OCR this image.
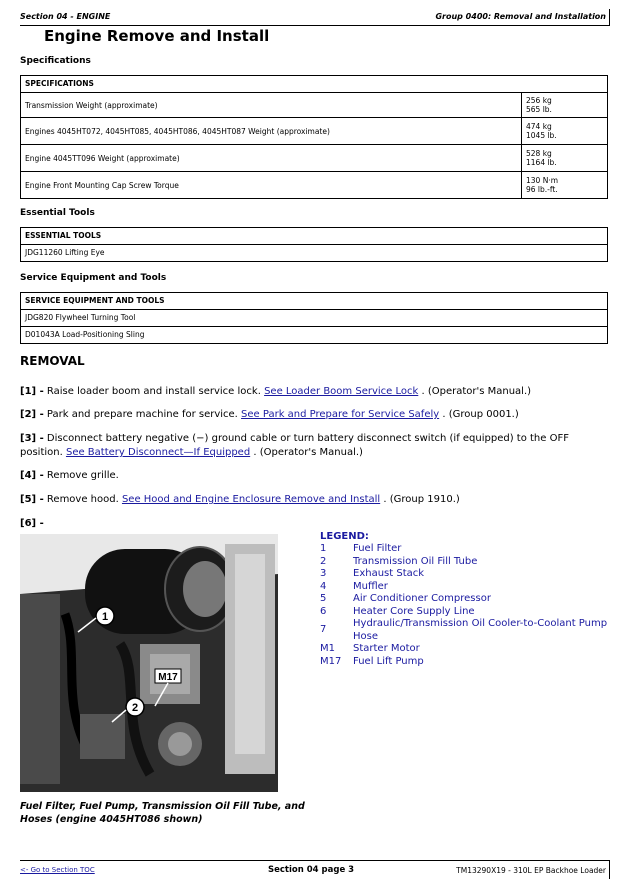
Section 04 - ENGINE	Group 0400: Removal and Installation
Engine Remove and Install
Specifications
SPECIFICATIONS
Transmission Weight (approximate)	256 kg
565 lb.
Engines 4045HT072, 4045HT085, 4045HT086, 4045HT087 Weight (approximate)	474 kg
1045 lb.
Engine 4045TT096 Weight (approximate)	528 kg
1164 lb.
Engine Front Mounting Cap Screw Torque	130 N·m
96 lb.-ft.
Essential Tools
ESSENTIAL TOOLS
JDG11260 Lifting Eye
Service Equipment and Tools
SERVICE EQUIPMENT AND TOOLS
JDG820 Flywheel Turning Tool
D01043A Load-Positioning Sling
REMOVAL
[1] - Raise loader boom and install service lock. See Loader Boom Service Lock . (Operator's Manual.)
[2] - Park and prepare machine for service. See Park and Prepare for Service Safely . (Group 0001.)
[3] - Disconnect battery negative (−) ground cable or turn battery disconnect switch (if equipped) to the OFF position. See Battery Disconnect—If Equipped . (Operator's Manual.)
[4] - Remove grille.
[5] - Remove hood. See Hood and Engine Enclosure Remove and Install . (Group 1910.)
[6] -
1
M17
2
Fuel Filter, Fuel Pump, Transmission Oil Fill Tube, and Hoses (engine 4045HT086 shown)
LEGEND:
1	Fuel Filter
2	Transmission Oil Fill Tube
3	Exhaust Stack
4	Muffler
5	Air Conditioner Compressor
6	Heater Core Supply Line
7
Hydraulic/Transmission Oil Cooler-to-Coolant Pump Hose
M1 Starter Motor
M17 Fuel Lift Pump
<- Go to Section TOC	Section 04 page 3	TM13290X19 - 310L EP Backhoe Loader
